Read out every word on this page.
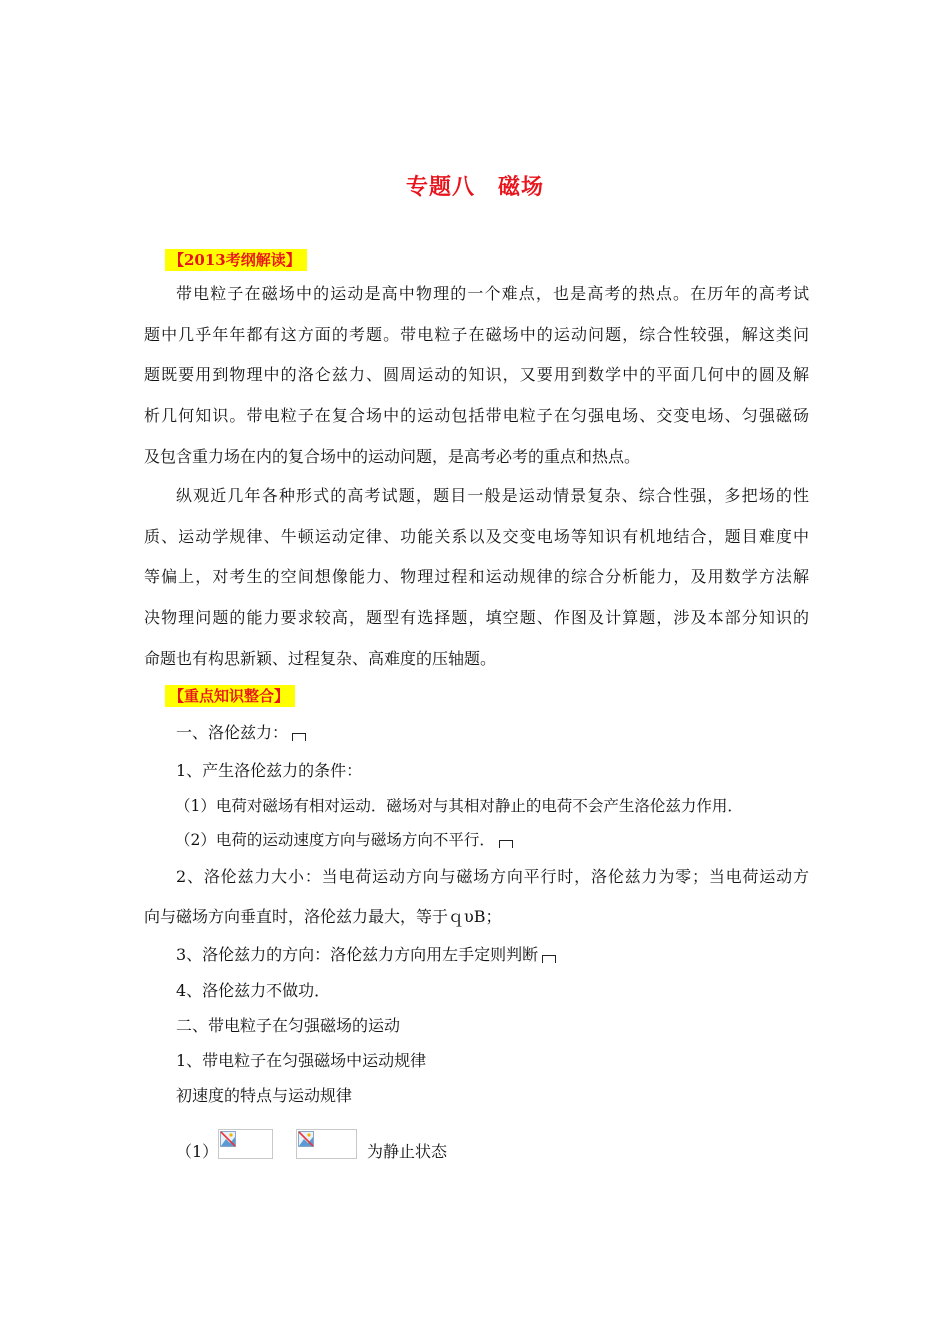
专题八　磁场
【2013考纲解读】
带电粒子在磁场中的运动是高中物理的一个难点，也是高考的热点。在历年的高考试
题中几乎年年都有这方面的考题。带电粒子在磁场中的运动问题，综合性较强，解这类问
题既要用到物理中的洛仑兹力、圆周运动的知识，又要用到数学中的平面几何中的圆及解
析几何知识。带电粒子在复合场中的运动包括带电粒子在匀强电场、交变电场、匀强磁砀
及包含重力场在内的复合场中的运动问题，是高考必考的重点和热点。
纵观近几年各种形式的高考试题，题目一般是运动情景复杂、综合性强，多把场的性
质、运动学规律、牛顿运动定律、功能关系以及交变电场等知识有机地结合，题目难度中
等偏上，对考生的空间想像能力、物理过程和运动规律的综合分析能力，及用数学方法解
决物理问题的能力要求较高，题型有选择题，填空题、作图及计算题，涉及本部分知识的
命题也有构思新颖、过程复杂、高难度的压轴题。
【重点知识整合】
一、洛伦兹力：
1、产生洛伦兹力的条件：
（1）电荷对磁场有相对运动．磁场对与其相对静止的电荷不会产生洛伦兹力作用．
（2）电荷的运动速度方向与磁场方向不平行．
2、洛伦兹力大小：当电荷运动方向与磁场方向平行时，洛伦兹力为零；当电荷运动方
向与磁场方向垂直时，洛伦兹力最大，等于ｑυB；
3、洛伦兹力的方向：洛伦兹力方向用左手定则判断
4、洛伦兹力不做功．
二、带电粒子在匀强磁场的运动
1、带电粒子在匀强磁场中运动规律
初速度的特点与运动规律
（1）	为静止状态
